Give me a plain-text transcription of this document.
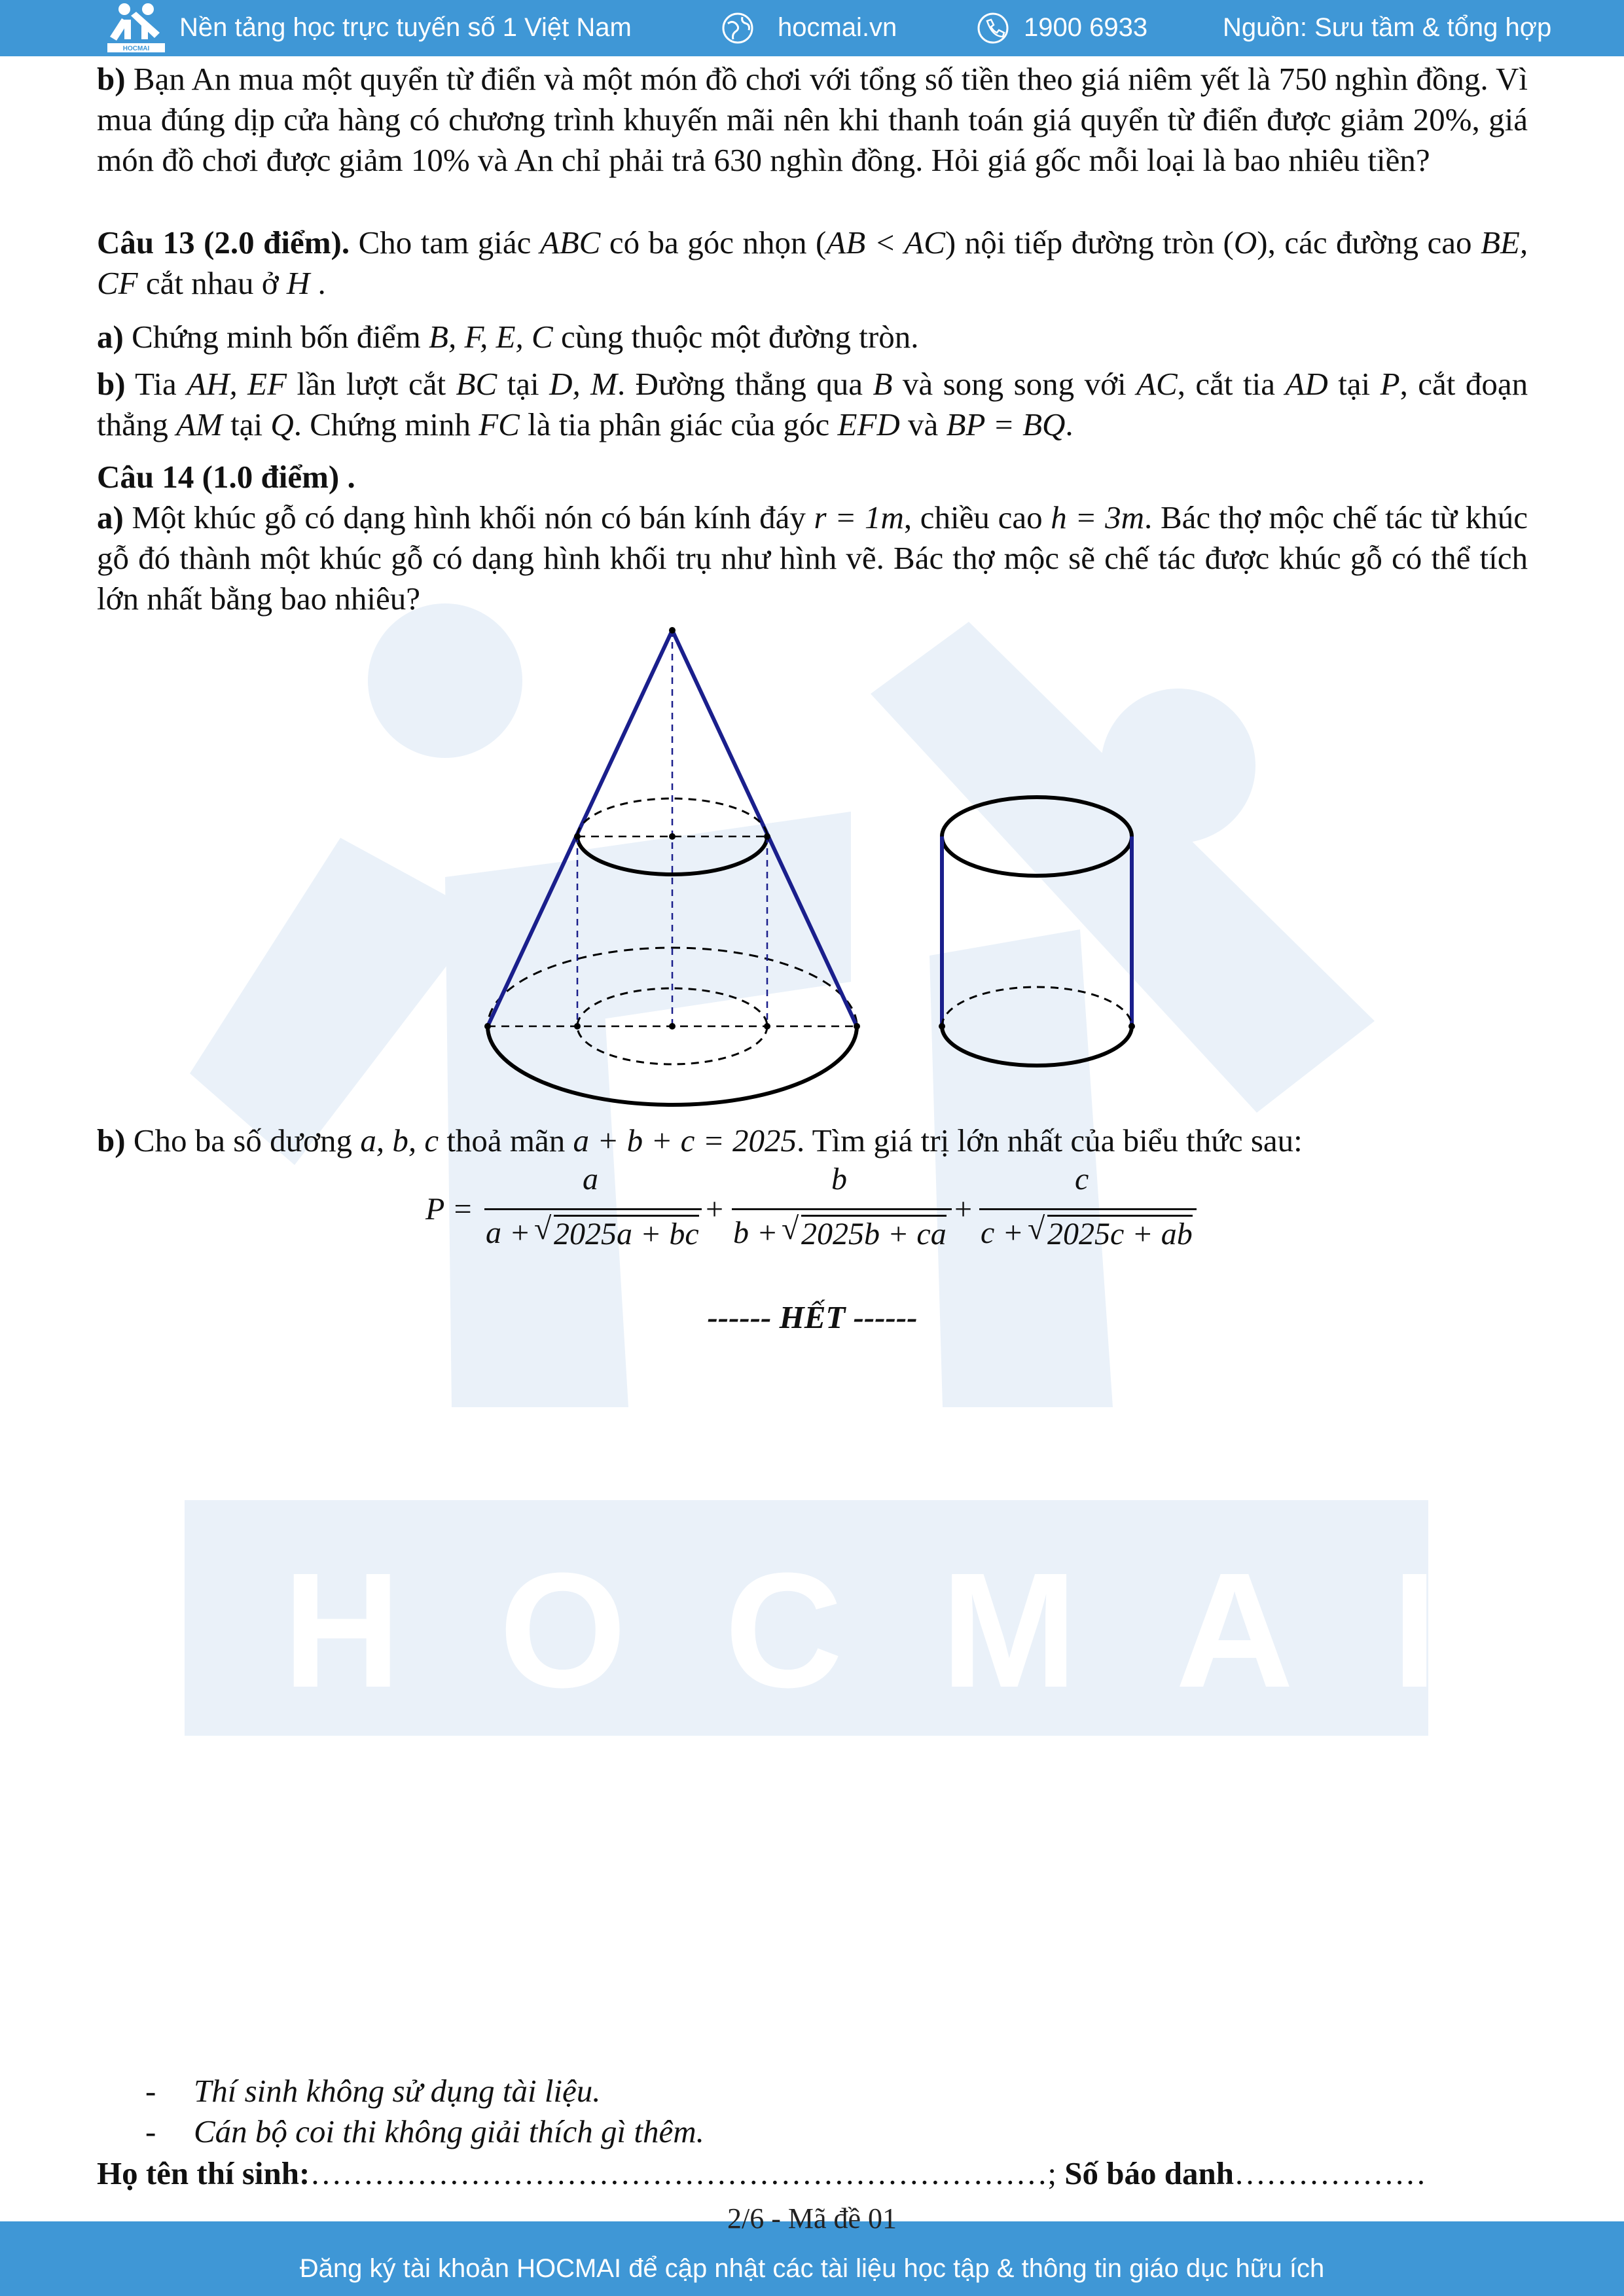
HOCMAI
HOCMAI
Nền tảng học trực tuyến số 1 Việt Nam	hocmai.vn	1900 6933	Nguồn: Sưu tầm & tổng hợp
b) Bạn An mua một quyển từ điển và một món đồ chơi với tổng số tiền theo giá niêm yết là 750 nghìn đồng. Vì mua đúng dịp cửa hàng có chương trình khuyến mãi nên khi thanh toán giá quyển từ điển được giảm 20%, giá món đồ chơi được giảm 10% và An chỉ phải trả 630 nghìn đồng. Hỏi giá gốc mỗi loại là bao nhiêu tiền?
Câu 13 (2.0 điểm). Cho tam giác ABC có ba góc nhọn (AB < AC) nội tiếp đường tròn (O), các đường cao BE, CF cắt nhau ở H .
a) Chứng minh bốn điểm B, F, E, C cùng thuộc một đường tròn.
b) Tia AH, EF lần lượt cắt BC tại D, M. Đường thẳng qua B và song song với AC, cắt tia AD tại P, cắt đoạn thẳng AM tại Q. Chứng minh FC là tia phân giác của góc EFD và BP = BQ.
Câu 14 (1.0 điểm) .
a) Một khúc gỗ có dạng hình khối nón có bán kính đáy r = 1m, chiều cao h = 3m. Bác thợ mộc chế tác từ khúc gỗ đó thành một khúc gỗ có dạng hình khối trụ như hình vẽ. Bác thợ mộc sẽ chế tác được khúc gỗ có thể tích lớn nhất bằng bao nhiêu?
b) Cho ba số dương a, b, c thoả mãn a + b + c = 2025. Tìm giá trị lớn nhất của biểu thức sau:
P =
a
a + √ 2025a + bc
+
b
b + √ 2025b + ca
+
c
c + √ 2025c + ab
------ HẾT ------
- Thí sinh không sử dụng tài liệu.
- Cán bộ coi thi không giải thích gì thêm.
Họ tên thí sinh:……………………………………………………………; Số báo danh………………
Đăng ký tài khoản HOCMAI để cập nhật các tài liệu học tập & thông tin giáo dục hữu ích
2/6 - Mã đề 01
